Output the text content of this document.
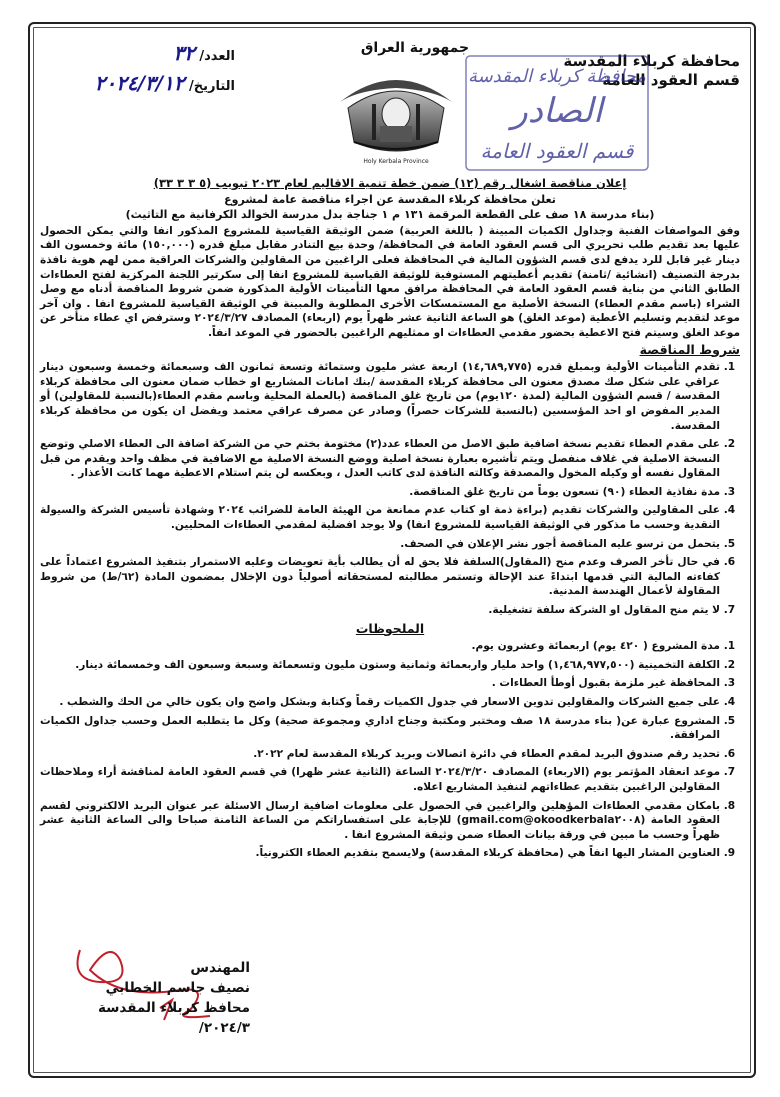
محافظة كربلاء المقدسة
قسم العقود العامة
جمهورية العراق
العدد/ ٣٢
التاريخ/ ٢٠٢٤/٣/١٢
Holy Kerbala Province
محافظة كربلاء المقدسة
الصادر
قسم العقود العامة

إعلان مناقصة اشغال رقم (١٢) ضمن خطة تنمية الاقاليم لعام ٢٠٢٣ تبويب (٥ ٣ ٣ ٣٣)

تعلن محافظة كربلاء المقدسة عن اجراء مناقصة عامة لمشروع

(بناء مدرسة ١٨ صف على القطعة المرقمة ١٣١ م ١ جناجة بدل مدرسة الخوالد الكرفانية مع التاثيث)

وفق المواصفات الفنية وجداول الكميات المبينة ( باللغة العربية) ضمن الوثيقة القياسية للمشروع المذكور انفا والتي يمكن الحصول عليها بعد تقديم طلب تحريري الى قسم العقود العامة في المحافظة/ وحدة بيع التنادر مقابل مبلغ قدره (١٥٠,٠٠٠) مائة وخمسون الف دينار غير قابل للرد يدفع لدى قسم الشؤون المالية في المحافظة فعلى الراغبين من المقاولين والشركات العراقية ممن لهم هوية نافذة بدرجة التصنيف (انشائية /ثامنة) تقديم أعطيتهم المستوفية للوثيقة القياسية للمشروع انفا إلى سكرتير اللجنة المركزية لفتح العطاءات الطابق الثاني من بناية قسم العقود العامة في المحافظة مرافق معها التأمينات الأولية المذكورة ضمن شروط المناقصة أدناه مع وصل الشراء (باسم مقدم العطاء) النسخة الأصلية مع المستمسكات الأخرى المطلوبة والمبينة في الوثيقة القياسية للمشروع انفا . وان آخر موعد لتقديم وتسليم الأعطية (موعد الغلق) هو الساعة الثانية عشر ظهراً يوم (اربعاء) المصادف ٢٠٢٤/٣/٢٧ وسترفض اي عطاء متأخر عن موعد الغلق وسيتم فتح الاعطية بحضور مقدمي العطاءات او ممثليهم الراغبين بالحضور في الموعد انفاً.

شروط المناقصة

1. تقدم التأمينات الأولية وبمبلغ قدره (١٤,٦٨٩,٧٧٥) اربعة عشر مليون وستمائة وتسعة ثمانون الف وسبعمائة وخمسة وسبعون دينار عراقي على شكل صك مصدق معنون الى محافظة كربلاء المقدسة /بنك امانات المشاريع او خطاب ضمان معنون الى محافظة كربلاء المقدسة / قسم الشؤون المالية (لمدة ١٢٠يوم) من تاريخ غلق المناقصة (بالعملة المحلية وباسم مقدم العطاء(بالنسبة للمقاولين) أو المدير المفوض او احد المؤسسين (بالنسبة للشركات حصراً) وصادر عن مصرف عراقي معتمد ويفضل ان يكون من محافظة كربلاء المقدسة.
2. على مقدم العطاء تقديم نسخة اضافية طبق الاصل من العطاء عدد(٢) مختومة بختم حي من الشركة اضافة الى العطاء الاصلي وتوضع النسخة الاصلية في غلاف منفصل ويتم تأشيره بعبارة نسخة اصلية ووضع النسخة الاصلية مع الاضافية في مظف واحد ويقدم من قبل المقاول نفسه أو وكيله المخول والمصدقة وكالته النافذة لدى كاتب العدل ، وبعكسه لن يتم استلام الاعطية مهما كانت الأعذار .
3. مدة نفاذية العطاء (٩٠) تسعون يوماً من تاريخ غلق المناقصة.
4. على المقاولين والشركات تقديم (براءة ذمة او كتاب عدم ممانعة من الهيئة العامة للضرائب ٢٠٢٤ وشهادة تأسيس الشركة والسيولة النقدية وحسب ما مذكور في الوثيقة القياسية للمشروع انفا) ولا يوجد افضلية لمقدمي العطاءات المحليين.
5. يتحمل من ترسو عليه المناقصة أجور نشر الإعلان في الصحف.
6. في حال تأخر الصرف وعدم منح (المقاول)السلفة فلا يحق له أن يطالب بأية تعويضات وعليه الاستمرار بتنفيذ المشروع اعتماداً على كفاءته المالية التي قدمها ابتداءً عند الإحالة وتستمر مطالبته لمستحقاته أصولياً دون الإخلال بمضمون المادة (٦٢/ط) من شروط المقاولة لأعمال الهندسة المدنية.
7. لا يتم منح المقاول او الشركة سلفة تشغيلية.

الملحوظات

1. مدة المشروع ( ٤٢٠ يوم) اربعمائة وعشرون يوم.
2. الكلفة التخمينية (١,٤٦٨,٩٧٧,٥٠٠) واحد مليار واربعمائة وثمانية وستون مليون وتسعمائة وسبعة وسبعون الف وخمسمائة دينار.
3. المحافظة غير ملزمة بقبول أوطأ العطاءات .
4. على جميع الشركات والمقاولين تدوين الاسعار في جدول الكميات رقماً وكتابة وبشكل واضح وان يكون خالي من الحك والشطب .
5. المشروع عبارة عن( بناء مدرسة ١٨ صف ومختبر ومكتبة وجناح اداري ومجموعة صحية) وكل ما يتطلبه العمل وحسب جداول الكميات المرافقة.
6. تحديد رقم صندوق البريد لمقدم العطاء في دائرة اتصالات وبريد كربلاء المقدسة لعام ٢٠٢٢.
7. موعد انعقاد المؤتمر يوم (الاربعاء) المصادف ٢٠٢٤/٣/٢٠ الساعة (الثانية عشر ظهرا) في قسم العقود العامة لمناقشة أراء وملاحظات المقاولين الراغبين بتقديم عطاءاتهم لتنفيذ المشاريع اعلاه.
8. بامكان مقدمي العطاءات المؤهلين والراغبين في الحصول على معلومات اضافية ارسال الاسئلة عبر عنوان البريد الالكتروني لقسم العقود العامة (okoodkerbala٢٠٠٨@gmail.com) للإجابة على استفساراتكم من الساعة الثامنة صباحا والى الساعة الثانية عشر ظهراً وحسب ما مبين في ورقة بيانات العطاء ضمن وثيقة المشروع انفا .
9. العناوين المشار اليها انفاً هي (محافظة كربلاء المقدسة) ولايسمح بتقديم العطاء الكترونياً.
المهندس
نصيف جاسم الخطابي
محافظ كربلاء المقدسة
٢٠٢٤/٣/
